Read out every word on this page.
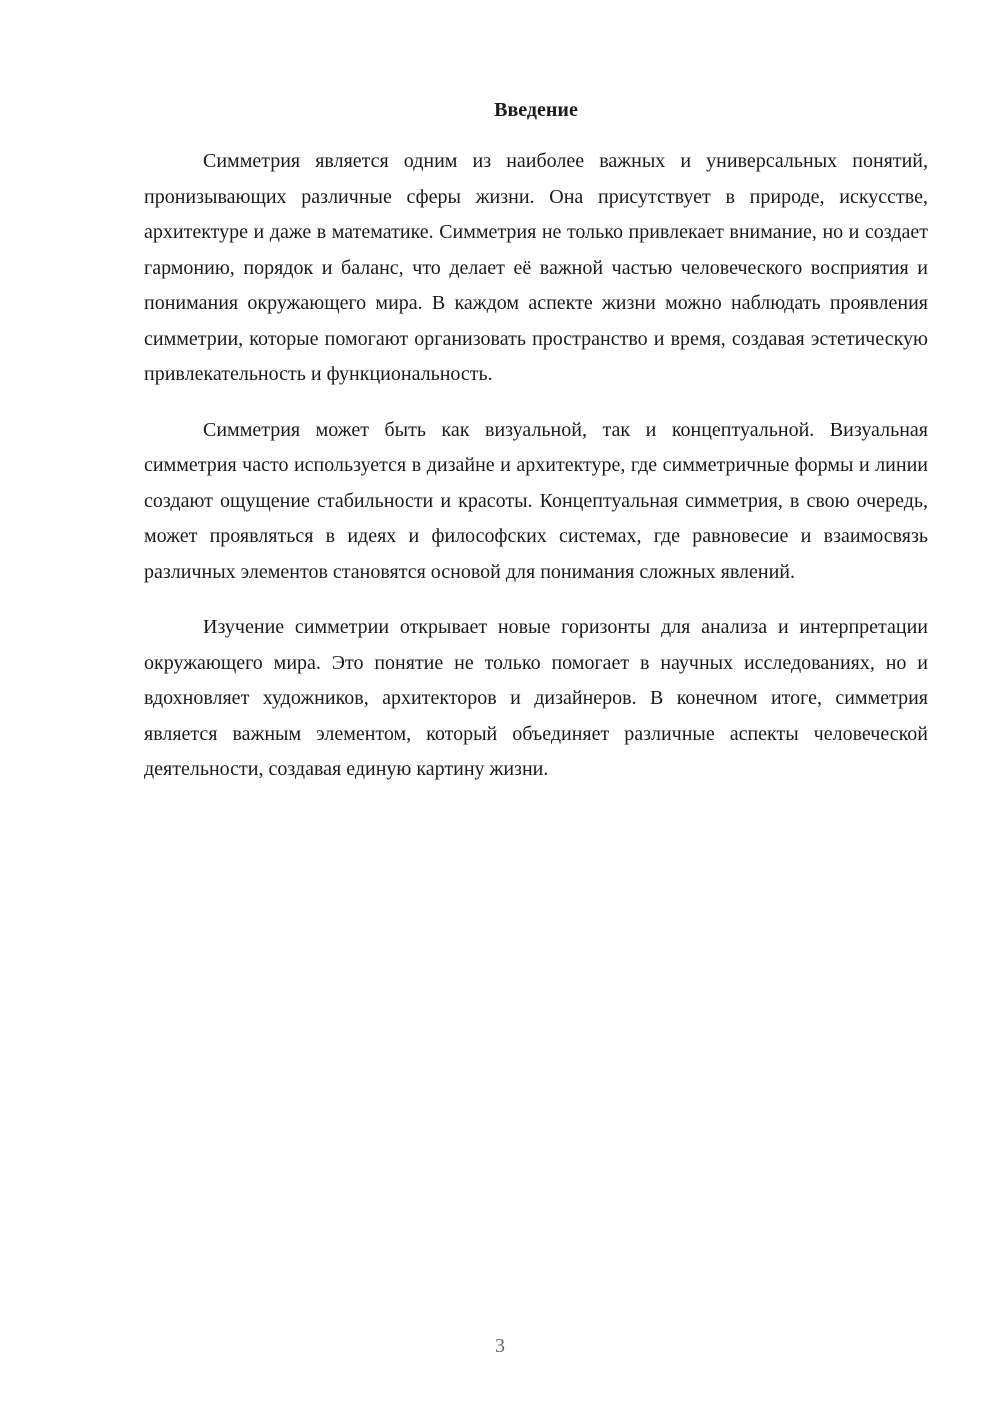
Введение

Симметрия является одним из наиболее важных и универсальных понятий, пронизывающих различные сферы жизни. Она присутствует в природе, искусстве, архитектуре и даже в математике. Симметрия не только привлекает внимание, но и создает гармонию, порядок и баланс, что делает её важной частью человеческого восприятия и понимания окружающего мира. В каждом аспекте жизни можно наблюдать проявления симметрии, которые помогают организовать пространство и время, создавая эстетическую привлекательность и функциональность.

Симметрия может быть как визуальной, так и концептуальной. Визуальная симметрия часто используется в дизайне и архитектуре, где симметричные формы и линии создают ощущение стабильности и красоты. Концептуальная симметрия, в свою очередь, может проявляться в идеях и философских системах, где равновесие и взаимосвязь различных элементов становятся основой для понимания сложных явлений.

Изучение симметрии открывает новые горизонты для анализа и интерпретации окружающего мира. Это понятие не только помогает в научных исследованиях, но и вдохновляет художников, архитекторов и дизайнеров. В конечном итоге, симметрия является важным элементом, который объединяет различные аспекты человеческой деятельности, создавая единую картину жизни.

3
